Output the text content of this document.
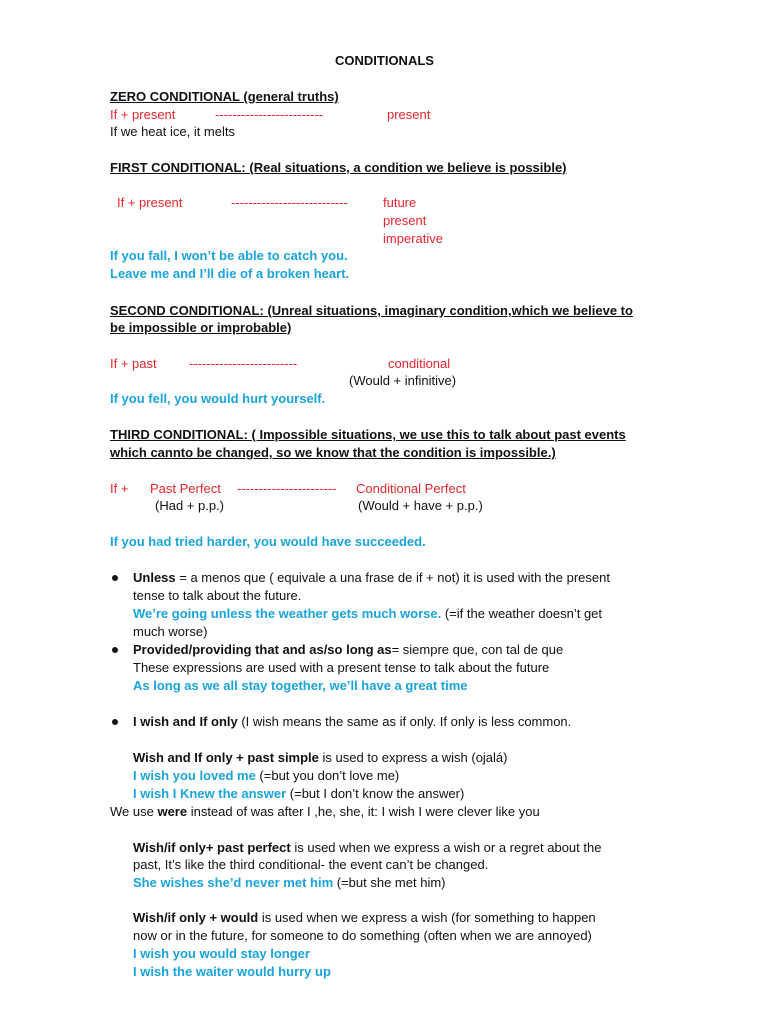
CONDITIONALS
ZERO CONDITIONAL (general truths)
If + present	-------------------------	present
If we heat ice, it melts
FIRST CONDITIONAL: (Real situations, a condition we believe is possible)
If + present	---------------------------	future
present
imperative
If you fall, I won’t be able to catch you.
Leave me and I’ll die of a broken heart.
SECOND CONDITIONAL: (Unreal situations, imaginary condition,which we believe to
be impossible or improbable)
If + past -------------------------	conditional
(Would + infinitive)
If you fell, you would hurt yourself.
THIRD CONDITIONAL: ( Impossible situations, we use this to talk about past events
which cannto be changed, so we know that the condition is impossible.)
If + Past Perfect ----------------------- Conditional Perfect
(Had + p.p.)	(Would + have + p.p.)
If you had tried harder, you would have succeeded.
Unless = a menos que ( equivale a una frase de if + not) it is used with the present
tense to talk about the future.
We’re going unless the weather gets much worse. (=if the weather doesn’t get
much worse)
Provided/providing that and as/so long as= siempre que, con tal de que
These expressions are used with a present tense to talk about the future
As long as we all stay together, we’ll have a great time
I wish and If only (I wish means the same as if only. If only is less common.
Wish and If only + past simple is used to express a wish (ojalá)
I wish you loved me (=but you don’t love me)
I wish I Knew the answer (=but I don’t know the answer)
We use were instead of was after I ,he, she, it: I wish I were clever like you
Wish/if only+ past perfect is used when we express a wish or a regret about the
past, It’s like the third conditional- the event can’t be changed.
She wishes she’d never met him (=but she met him)
Wish/if only + would is used when we express a wish (for something to happen
now or in the future, for someone to do something (often when we are annoyed)
I wish you would stay longer
I wish the waiter would hurry up
